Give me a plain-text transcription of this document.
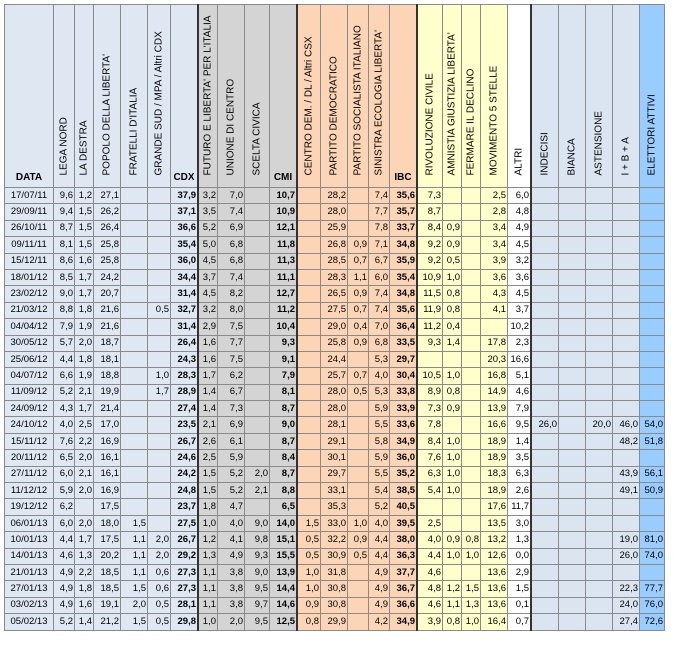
DATA	LEGA NORD	LA DESTRA	POPOLO DELLA LIBERTA'	FRATELLI D'ITALIA	GRANDE SUD / MPA / Altri CDX	CDX	FUTURO E LIBERTA' PER L'ITALIA	UNIONE DI CENTRO	SCELTA CIVICA	CMI	CENTRO DEM. / DL / Altri CSX	PARTITO DEMOCRATICO	PARTITO SOCIALISTA ITALIANO	SINISTRA ECOLOGIA LIBERTA'	IBC	RIVOLUZIONE CIVILE	AMNISTIA GIUSTIZIA LIBERTA'	FERMARE IL DECLINO	MOVIMENTO 5 STELLE	ALTRI	INDECISI	BIANCA	ASTENSIONE	I + B + A	ELETTORI ATTIVI

17/07/11	9,6	1,2	27,1			37,9	3,2	7,0		10,7		28,2		7,4	35,6	7,3			2,5	6,0					
29/09/11	9,4	1,5	26,2			37,1	3,5	7,4		10,9		28,0		7,7	35,7	8,7			2,8	4,8					
26/10/11	8,7	1,5	26,4			36,6	5,2	6,9		12,1		25,9		7,8	33,7	8,4	0,9		3,4	4,9					
09/11/11	8,1	1,5	25,8			35,4	5,0	6,8		11,8		26,8	0,9	7,1	34,8	9,2	0,9		3,4	4,5					
15/12/11	8,6	1,6	25,8			36,0	4,5	6,8		11,3		28,5	0,7	6,7	35,9	9,2	0,5		3,9	3,2					
18/01/12	8,5	1,7	24,2			34,4	3,7	7,4		11,1		28,3	1,1	6,0	35,4	10,9	1,0		3,6	3,6					
23/02/12	9,0	1,7	20,7			31,4	4,5	8,2		12,7		26,5	0,9	7,4	34,8	11,5	0,8		4,3	4,5					
21/03/12	8,8	1,8	21,6		0,5	32,7	3,2	8,0		11,2		27,5	0,7	7,4	35,6	11,9	0,8		4,1	3,7					
04/04/12	7,9	1,9	21,6			31,4	2,9	7,5		10,4		29,0	0,4	7,0	36,4	11,2	0,4			10,2					
30/05/12	5,7	2,0	18,7			26,4	1,6	7,7		9,3		25,8	0,9	6,8	33,5	9,3	1,4		17,8	2,3					
25/06/12	4,4	1,8	18,1			24,3	1,6	7,5		9,1		24,4		5,3	29,7				20,3	16,6					
04/07/12	6,6	1,9	18,8		1,0	28,3	1,7	6,2		7,9		25,7	0,7	4,0	30,4	10,5	1,0		16,8	5,1					
11/09/12	5,2	2,1	19,9		1,7	28,9	1,4	6,7		8,1		28,0	0,5	5,3	33,8	8,9	0,8		14,9	4,6					
24/09/12	4,3	1,7	21,4			27,4	1,4	7,3		8,7		28,0		5,9	33,9	7,3	0,9		13,9	7,9					
24/10/12	4,0	2,5	17,0			23,5	2,1	6,9		9,0		28,1		5,5	33,6	7,8			16,6	9,5	26,0		20,0	46,0	54,0
15/11/12	7,6	2,2	16,9			26,7	2,6	6,1		8,7		29,1		5,8	34,9	8,4	1,0		18,9	1,4				48,2	51,8
20/11/12	6,5	2,0	16,1			24,6	2,5	5,9		8,4		30,1		5,9	36,0	7,6	1,0		18,9	3,5					
27/11/12	6,0	2,1	16,1			24,2	1,5	5,2	2,0	8,7		29,7		5,5	35,2	6,3	1,0		18,3	6,3				43,9	56,1
11/12/12	5,9	2,0	16,9			24,8	1,5	5,2	2,1	8,8		33,1		5,4	38,5	5,4	1,0		18,9	2,6				49,1	50,9
19/12/12	6,2		17,5			23,7	1,8	4,7		6,5		35,3		5,2	40,5				17,6	11,7					
06/01/13	6,0	2,0	18,0	1,5		27,5	1,0	4,0	9,0	14,0	1,5	33,0	1,0	4,0	39,5	2,5			13,5	3,0					
10/01/13	4,4	1,7	17,5	1,1	2,0	26,7	1,2	4,1	9,8	15,1	0,5	32,2	0,9	4,4	38,0	4,0	0,9	0,8	13,2	1,3				19,0	81,0
14/01/13	4,6	1,3	20,2	1,1	2,0	29,2	1,3	4,9	9,3	15,5	0,5	30,9	0,5	4,4	36,3	4,4	1,0	1,0	12,6	0,0				26,0	74,0
21/01/13	4,9	2,2	18,5	1,1	0,6	27,3	1,1	3,8	9,0	13,9	1,0	31,8		4,9	37,7	4,6			13,6	2,9					
27/01/13	4,9	1,8	18,5	1,5	0,6	27,3	1,1	3,8	9,5	14,4	1,0	30,8		4,9	36,7	4,8	1,2	1,5	13,6	1,5				22,3	77,7
03/02/13	4,9	1,6	19,1	2,0	0,5	28,1	1,1	3,8	9,7	14,6	0,9	30,8		4,9	36,6	4,6	1,1	1,3	13,6	0,1				24,0	76,0
05/02/13	5,2	1,4	21,2	1,5	0,5	29,8	1,0	2,0	9,5	12,5	0,8	29,9		4,2	34,9	3,9	0,8	1,0	16,4	0,7				27,4	72,6
